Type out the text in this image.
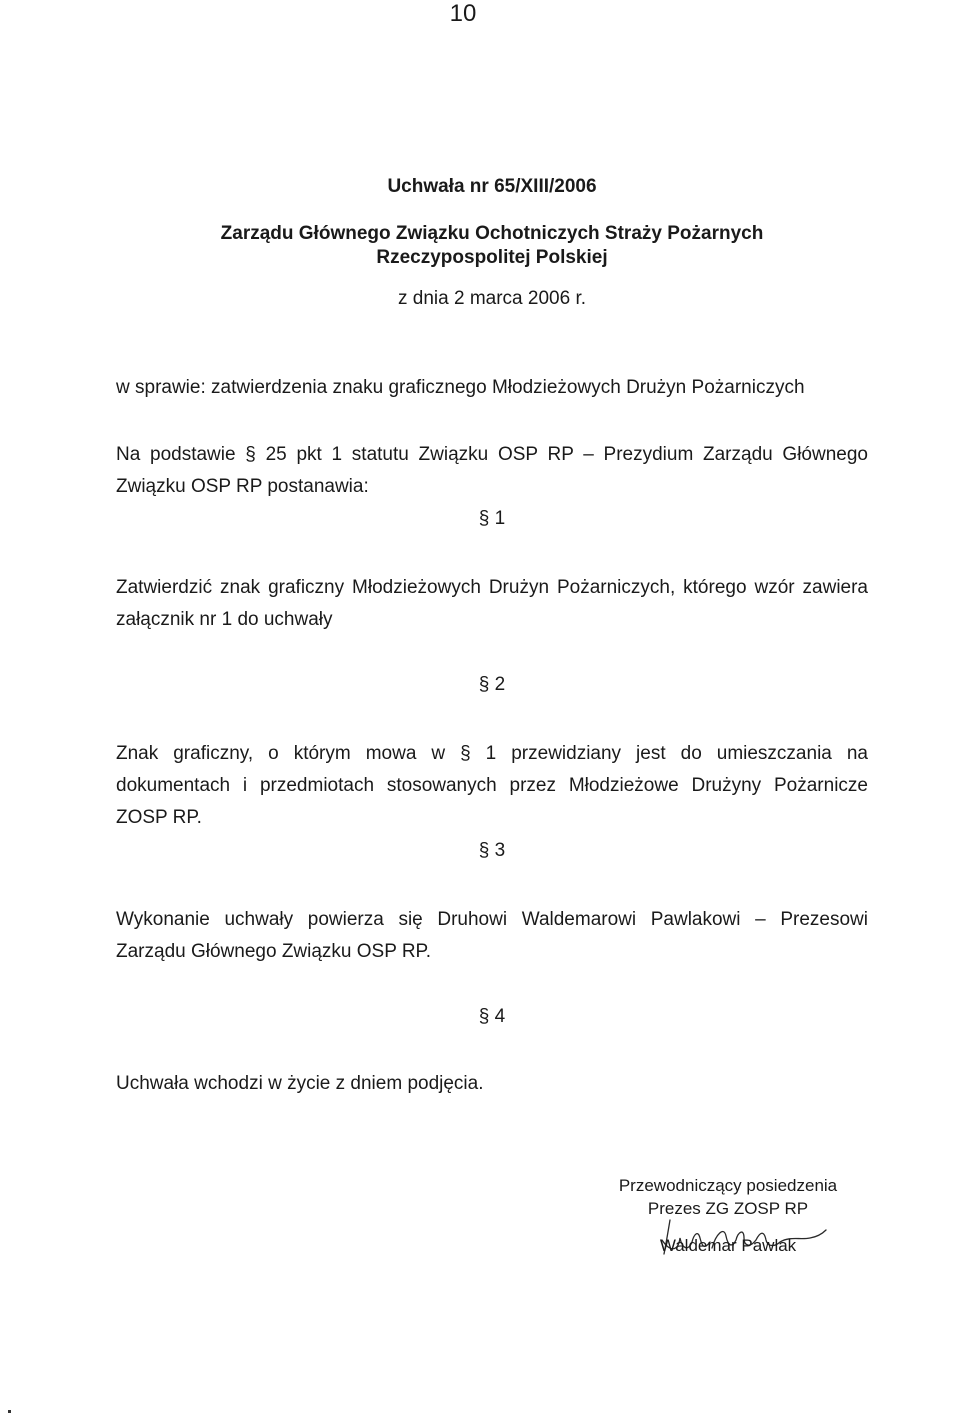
10
Uchwała nr 65/XIII/2006
Zarządu Głównego Związku Ochotniczych Straży Pożarnych
Rzeczypospolitej Polskiej
z dnia 2 marca 2006 r.
w sprawie: zatwierdzenia znaku graficznego Młodzieżowych Drużyn Pożarniczych
Na podstawie § 25 pkt 1 statutu Związku OSP RP – Prezydium Zarządu Głównego Związku OSP RP postanawia:
§ 1
Zatwierdzić znak graficzny Młodzieżowych Drużyn Pożarniczych, którego wzór zawiera załącznik nr 1 do uchwały
§ 2
Znak graficzny, o którym mowa w § 1 przewidziany jest do umieszczania na dokumentach i przedmiotach stosowanych przez Młodzieżowe Drużyny Pożarnicze ZOSP RP.
§ 3
Wykonanie uchwały powierza się Druhowi Waldemarowi Pawlakowi – Prezesowi Zarządu Głównego Związku OSP RP.
§ 4
Uchwała wchodzi w życie z dniem podjęcia.
Przewodniczący posiedzenia
Prezes ZG ZOSP RP
Waldemar Pawlak
